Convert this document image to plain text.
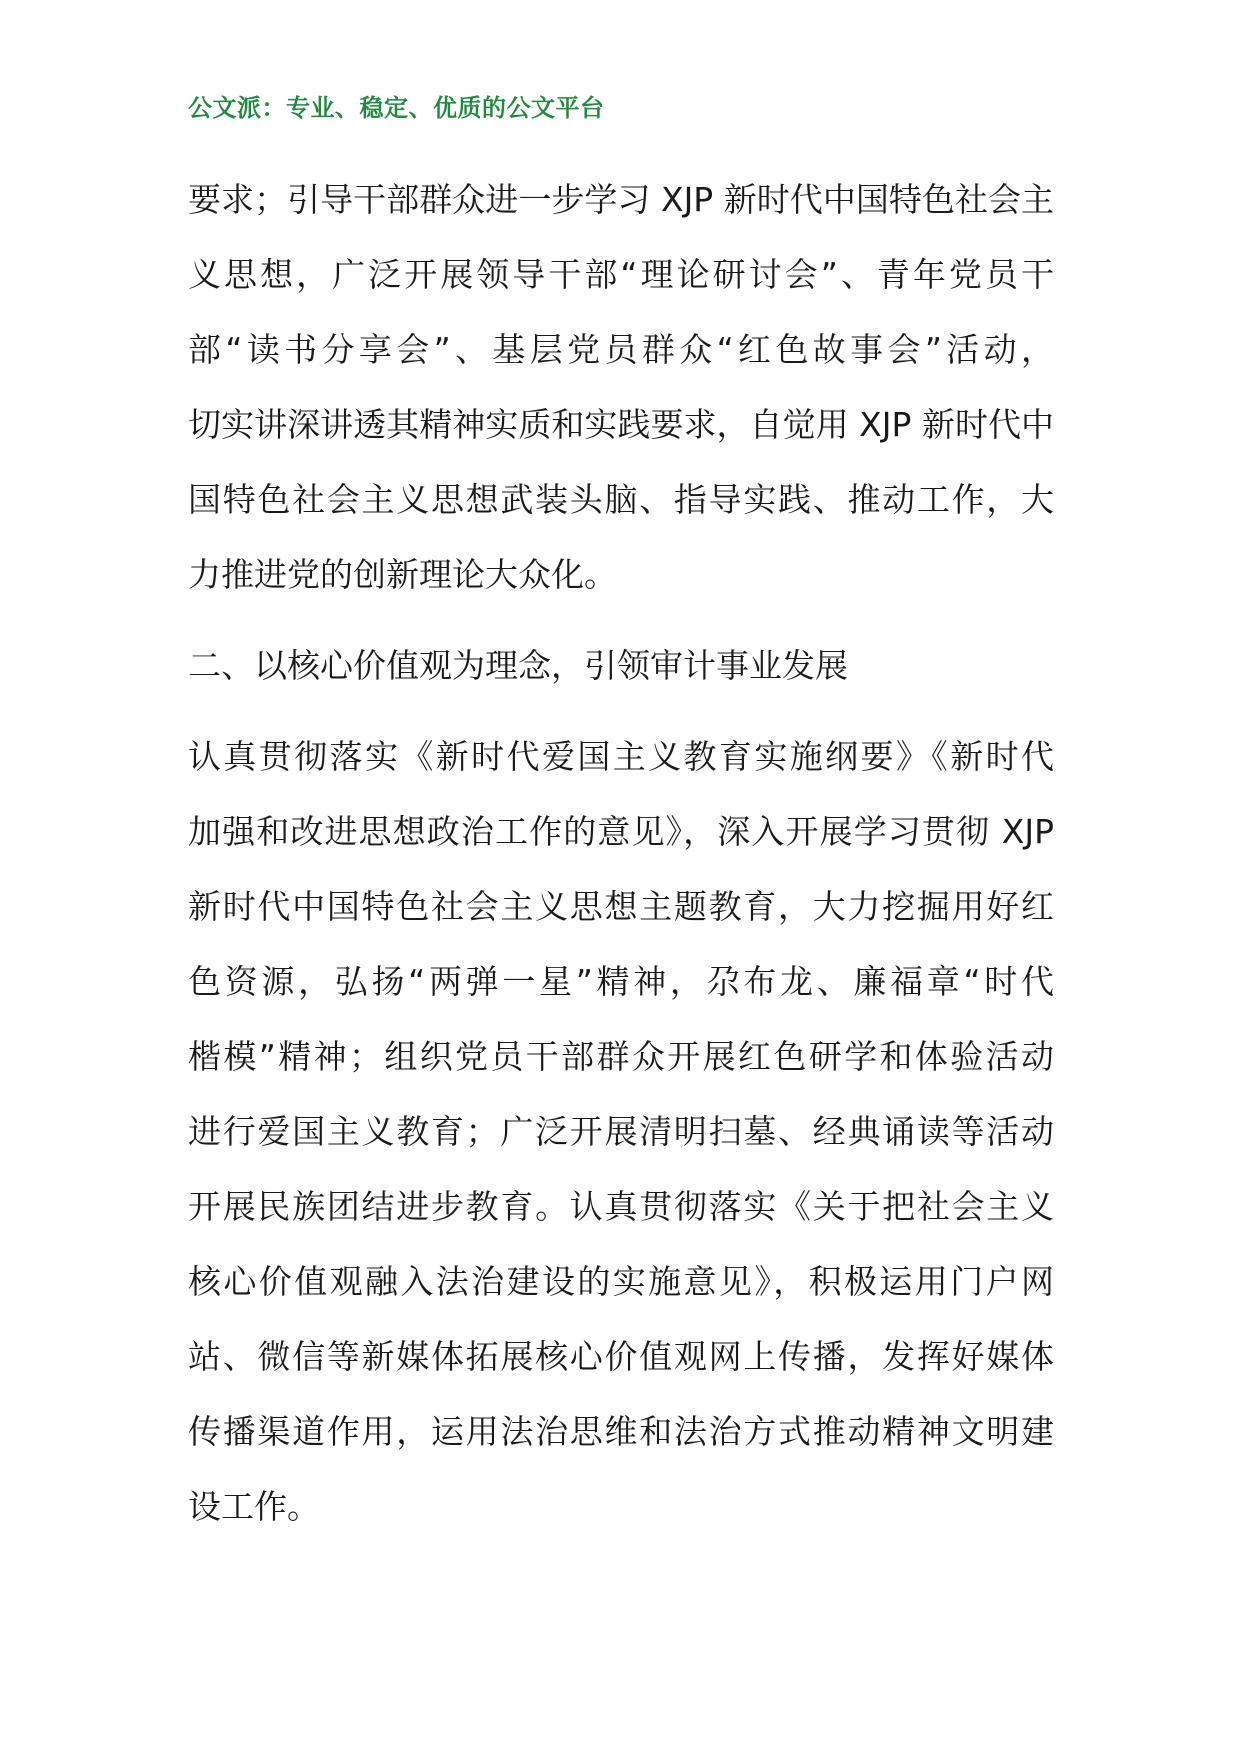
公文派：专业、稳定、优质的公文平台
要求；引导干部群众进一步学习 XJP 新时代中国特色社会主
义思想，广泛开展领导干部“理论研讨会”、青年党员干
部“读书分享会”、基层党员群众“红色故事会”活动，
切实讲深讲透其精神实质和实践要求，自觉用 XJP 新时代中
国特色社会主义思想武装头脑、指导实践、推动工作，大
力推进党的创新理论大众化。
二、以核心价值观为理念，引领审计事业发展
认真贯彻落实《新时代爱国主义教育实施纲要》《新时代
加强和改进思想政治工作的意见》，深入开展学习贯彻 XJP
新时代中国特色社会主义思想主题教育，大力挖掘用好红
色资源，弘扬“两弹一星”精神，尕布龙、廉福章“时代
楷模”精神；组织党员干部群众开展红色研学和体验活动
进行爱国主义教育；广泛开展清明扫墓、经典诵读等活动
开展民族团结进步教育。认真贯彻落实《关于把社会主义
核心价值观融入法治建设的实施意见》，积极运用门户网
站、微信等新媒体拓展核心价值观网上传播，发挥好媒体
传播渠道作用，运用法治思维和法治方式推动精神文明建
设工作。
